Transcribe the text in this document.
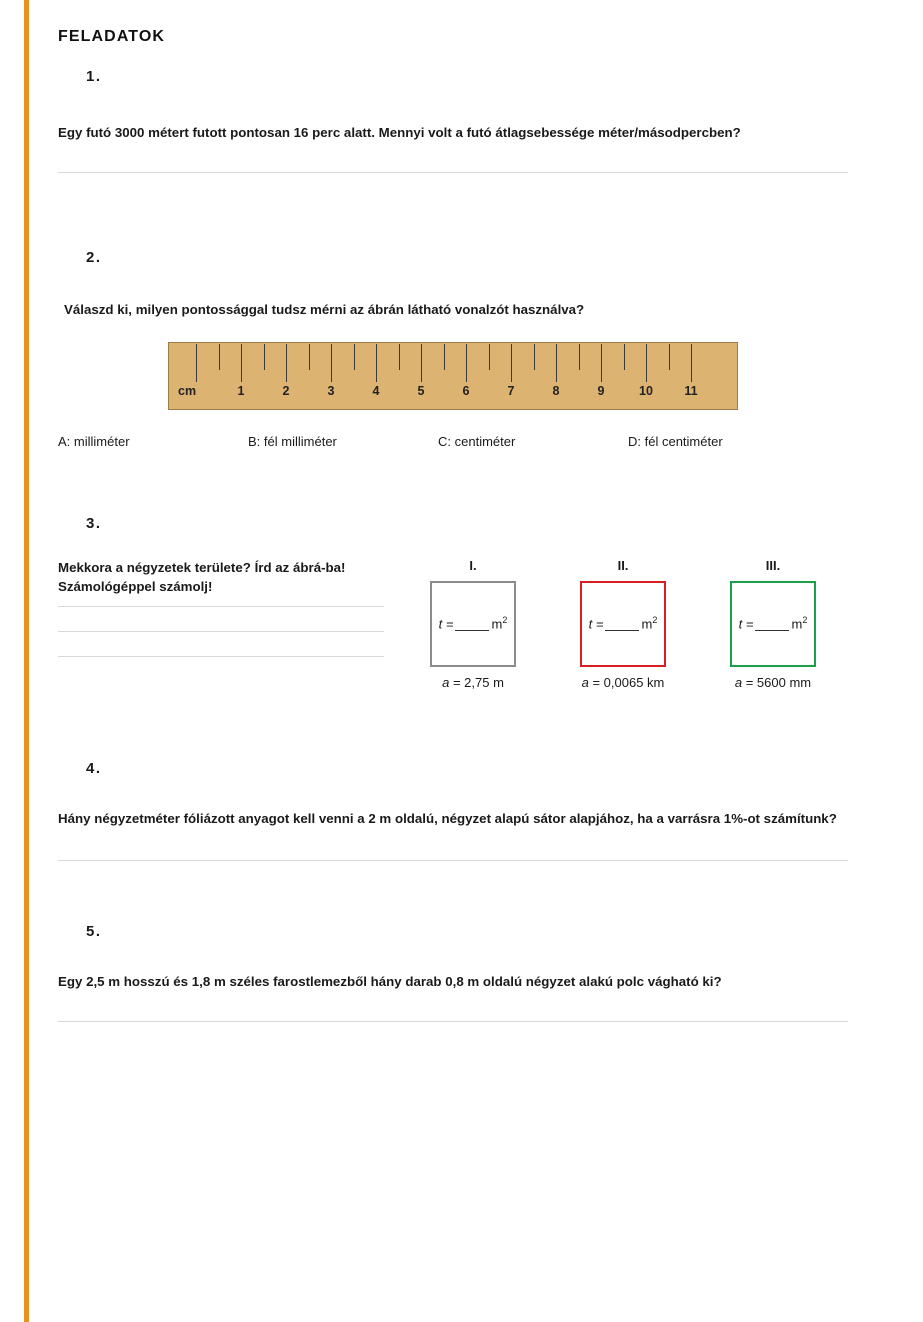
FELADATOK
1.
Egy futó 3000 métert futott pontosan 16 perc alatt. Mennyi volt a futó átlagsebessége méter/másodpercben?
2.
Válaszd ki, milyen pontossággal tudsz mérni az ábrán látható vonalzót használva?
cm	1	2	3	4	5	6	7	8	9	10	11
A: milliméter	B: fél milliméter	C: centiméter	D: fél centiméter
3.
Mekkora a négyzetek területe? Írd az ábrá-ba! Számológéppel számolj!
I.
t =	$m^2$
a = 2,75 m
II.
t =	$m^2$
a = 0,0065 km
III.
t =	$m^2$
a = 5600 mm
4.
Hány négyzetméter fóliázott anyagot kell venni a 2 m oldalú, négyzet alapú sátor alapjához, ha a varrásra 1%-ot számítunk?
5.
Egy 2,5 m hosszú és 1,8 m széles farostlemezből hány darab 0,8 m oldalú négyzet alakú polc vágható ki?
